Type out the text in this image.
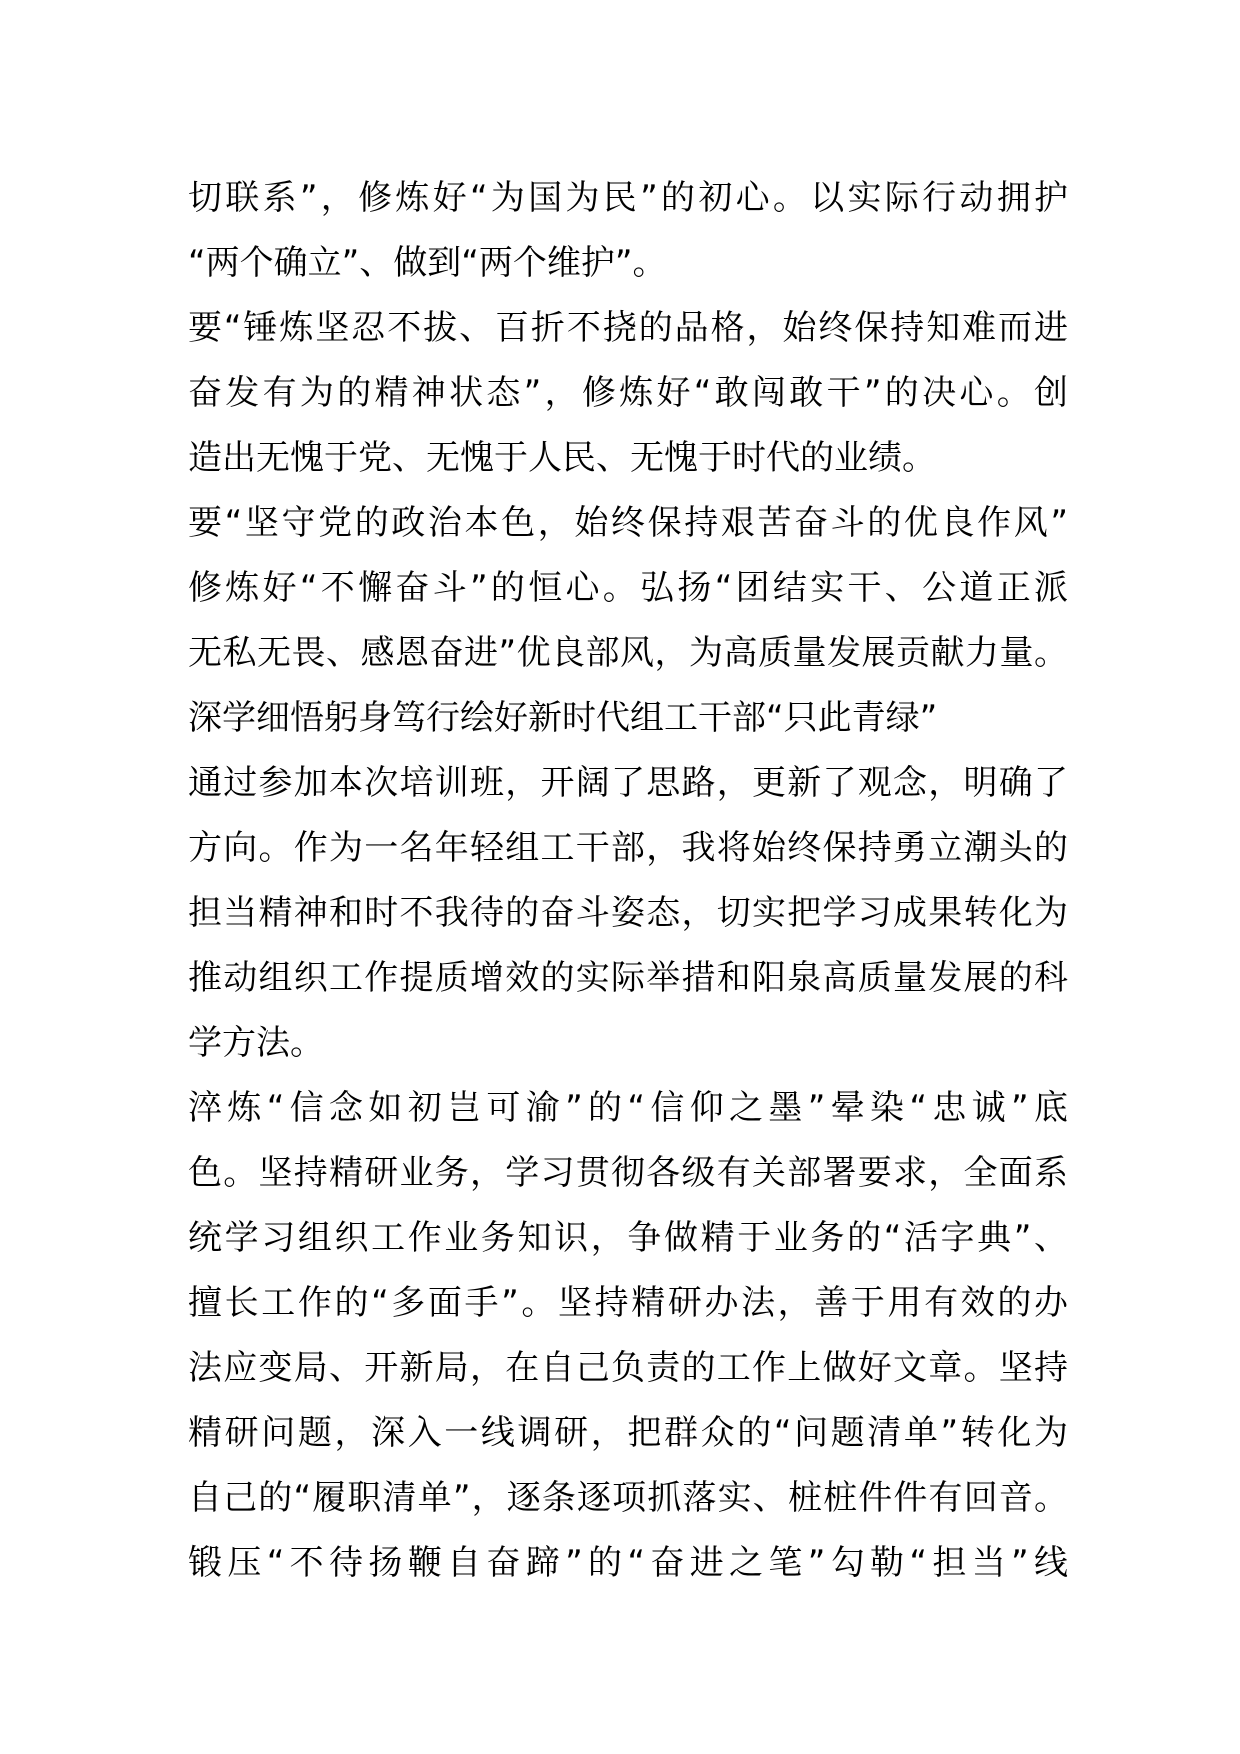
切联系”，修炼好“为国为民”的初心。以实际行动拥护
“两个确立”、做到“两个维护”。
要“锤炼坚忍不拔、百折不挠的品格，始终保持知难而进
奋发有为的精神状态”，修炼好“敢闯敢干”的决心。创
造出无愧于党、无愧于人民、无愧于时代的业绩。
要“坚守党的政治本色，始终保持艰苦奋斗的优良作风”
修炼好“不懈奋斗”的恒心。弘扬“团结实干、公道正派
无私无畏、感恩奋进”优良部风，为高质量发展贡献力量。
深学细悟躬身笃行绘好新时代组工干部“只此青绿”
通过参加本次培训班，开阔了思路，更新了观念，明确了
方向。作为一名年轻组工干部，我将始终保持勇立潮头的
担当精神和时不我待的奋斗姿态，切实把学习成果转化为
推动组织工作提质增效的实际举措和阳泉高质量发展的科
学方法。
淬炼“信念如初岂可渝”的“信仰之墨”晕染“忠诚”底
色。坚持精研业务，学习贯彻各级有关部署要求，全面系
统学习组织工作业务知识，争做精于业务的“活字典”、
擅长工作的“多面手”。坚持精研办法，善于用有效的办
法应变局、开新局，在自己负责的工作上做好文章。坚持
精研问题，深入一线调研，把群众的“问题清单”转化为
自己的“履职清单”，逐条逐项抓落实、桩桩件件有回音。
锻压“不待扬鞭自奋蹄”的“奋进之笔”勾勒“担当”线
